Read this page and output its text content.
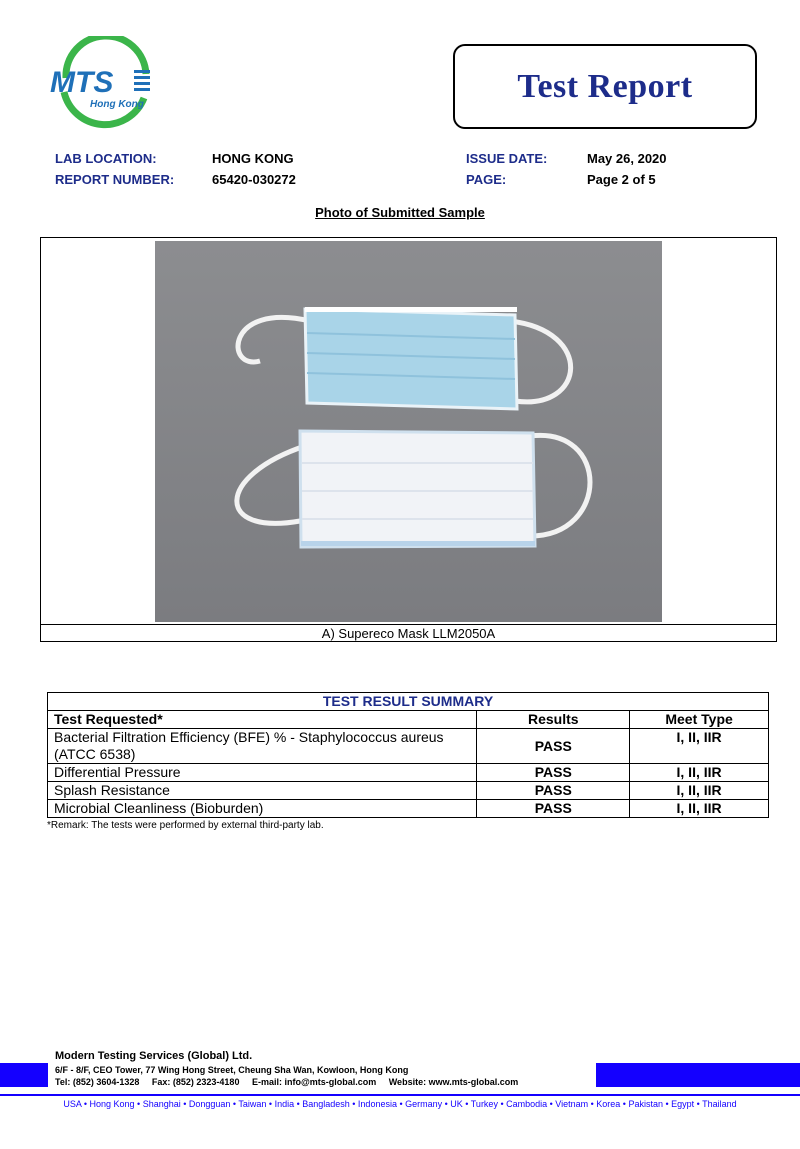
MTS
Hong Kong	Test Report
LAB LOCATION:	HONG KONG
REPORT NUMBER:	65420-030272
ISSUE DATE:	May 26, 2020
PAGE:	Page 2 of 5
Photo of Submitted Sample
A) Supereco Mask LLM2050A
TEST RESULT SUMMARY		
Test Requested*	Results	Meet Type
Bacterial Filtration Efficiency (BFE) % - Staphylococcus aureus
(ATCC 6538)	PASS	I, II, IIR
Differential Pressure	PASS	I, II, IIR
Splash Resistance	PASS	I, II, IIR
Microbial Cleanliness (Bioburden)	PASS	I, II, IIR
*Remark: The tests were performed by external third-party lab.
Modern Testing Services (Global) Ltd.
6/F - 8/F, CEO Tower, 77 Wing Hong Street, Cheung Sha Wan, Kowloon, Hong Kong
Tel: (852) 3604-1328     Fax: (852) 2323-4180     E-mail: info@mts-global.com     Website: www.mts-global.com
USA • Hong Kong • Shanghai • Dongguan • Taiwan • India • Bangladesh • Indonesia • Germany • UK • Turkey • Cambodia • Vietnam • Korea • Pakistan • Egypt • Thailand
